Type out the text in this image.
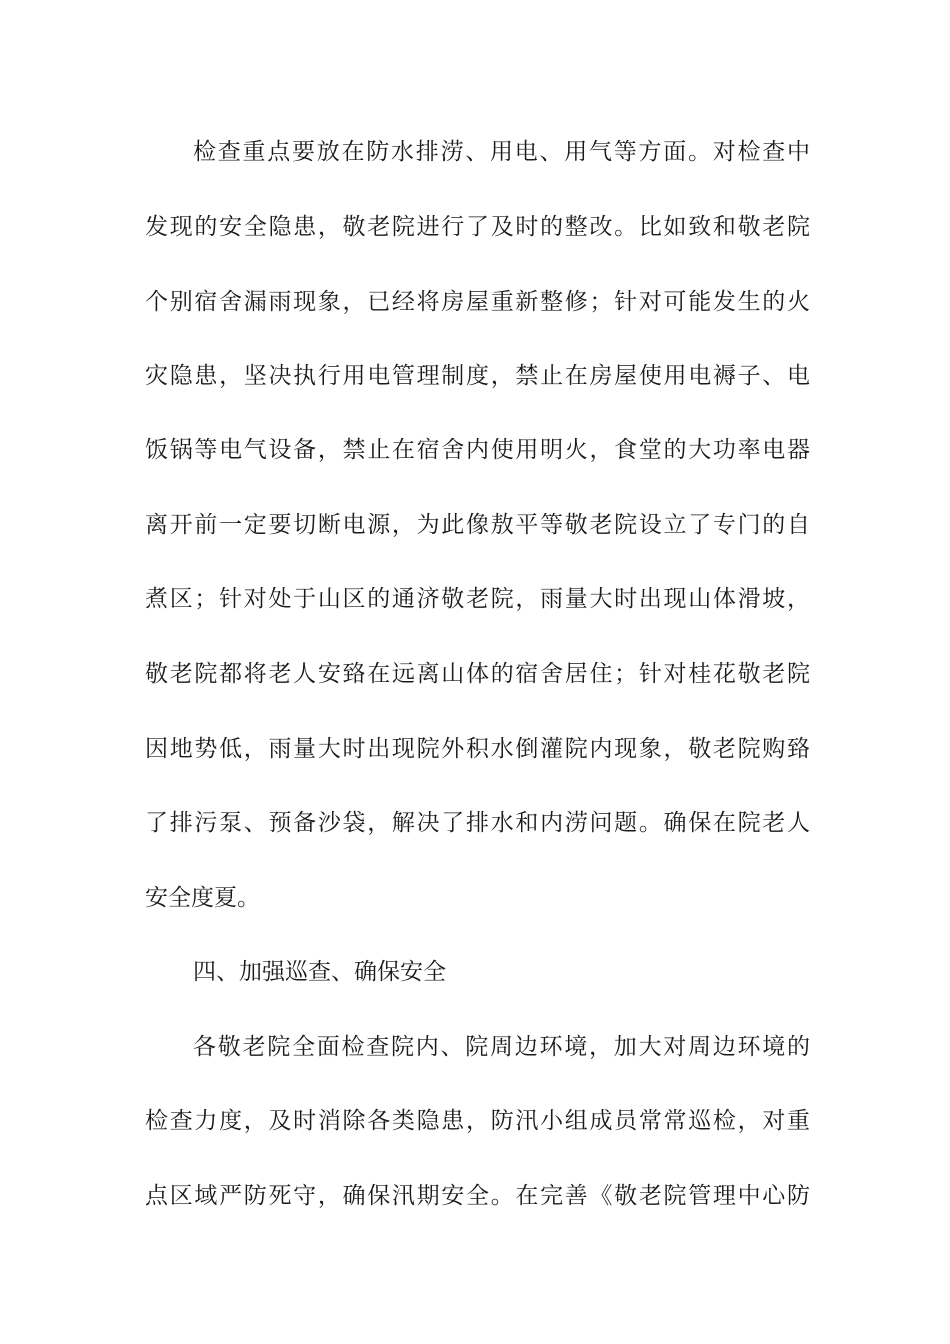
检查重点要放在防水排涝、用电、用气等方面。对检查中
发现的安全隐患，敬老院进行了及时的整改。比如致和敬老院
个别宿舍漏雨现象，已经将房屋重新整修；针对可能发生的火
灾隐患，坚决执行用电管理制度，禁止在房屋使用电褥子、电
饭锅等电气设备，禁止在宿舍内使用明火，食堂的大功率电器
离开前一定要切断电源，为此像敖平等敬老院设立了专门的自
煮区；针对处于山区的通济敬老院，雨量大时出现山体滑坡，
敬老院都将老人安臵在远离山体的宿舍居住；针对桂花敬老院
因地势低，雨量大时出现院外积水倒灌院内现象，敬老院购臵
了排污泵、预备沙袋，解决了排水和内涝问题。确保在院老人
安全度夏。
四、加强巡查、确保安全
各敬老院全面检查院内、院周边环境，加大对周边环境的
检查力度，及时消除各类隐患，防汛小组成员常常巡检，对重
点区域严防死守，确保汛期安全。在完善《敬老院管理中心防
